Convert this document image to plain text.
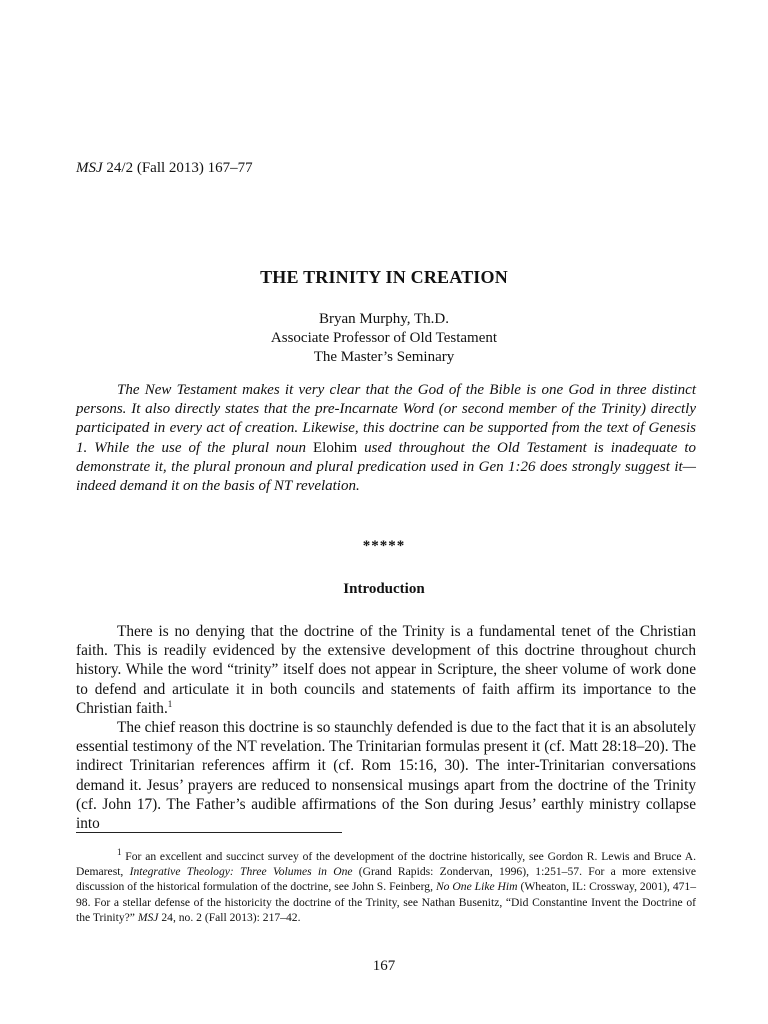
MSJ 24/2 (Fall 2013) 167–77
THE TRINITY IN CREATION
Bryan Murphy, Th.D.
Associate Professor of Old Testament
The Master’s Seminary

The New Testament makes it very clear that the God of the Bible is one God in three distinct persons. It also directly states that the pre-Incarnate Word (or second member of the Trinity) directly participated in every act of creation. Likewise, this doctrine can be supported from the text of Genesis 1. While the use of the plural noun Elohim used throughout the Old Testament is inadequate to demonstrate it, the plural pronoun and plural predication used in Gen 1:26 does strongly suggest it—indeed demand it on the basis of NT revelation.

*****
Introduction

There is no denying that the doctrine of the Trinity is a fundamental tenet of the Christian faith. This is readily evidenced by the extensive development of this doctrine throughout church history. While the word “trinity” itself does not appear in Scripture, the sheer volume of work done to defend and articulate it in both councils and statements of faith affirm its importance to the Christian faith.$^1$

The chief reason this doctrine is so staunchly defended is due to the fact that it is an absolutely essential testimony of the NT revelation. The Trinitarian formulas present it (cf. Matt 28:18–20). The indirect Trinitarian references affirm it (cf. Rom 15:16, 30). The inter-Trinitarian conversations demand it. Jesus’ prayers are reduced to nonsensical musings apart from the doctrine of the Trinity (cf. John 17). The Father’s audible affirmations of the Son during Jesus’ earthly ministry collapse into

$^1$ For an excellent and succinct survey of the development of the doctrine historically, see Gordon R. Lewis and Bruce A. Demarest, Integrative Theology: Three Volumes in One (Grand Rapids: Zondervan, 1996), 1:251–57. For a more extensive discussion of the historical formulation of the doctrine, see John S. Feinberg, No One Like Him (Wheaton, IL: Crossway, 2001), 471–98. For a stellar defense of the historicity the doctrine of the Trinity, see Nathan Busenitz, “Did Constantine Invent the Doctrine of the Trinity?” MSJ 24, no. 2 (Fall 2013): 217–42.

167
